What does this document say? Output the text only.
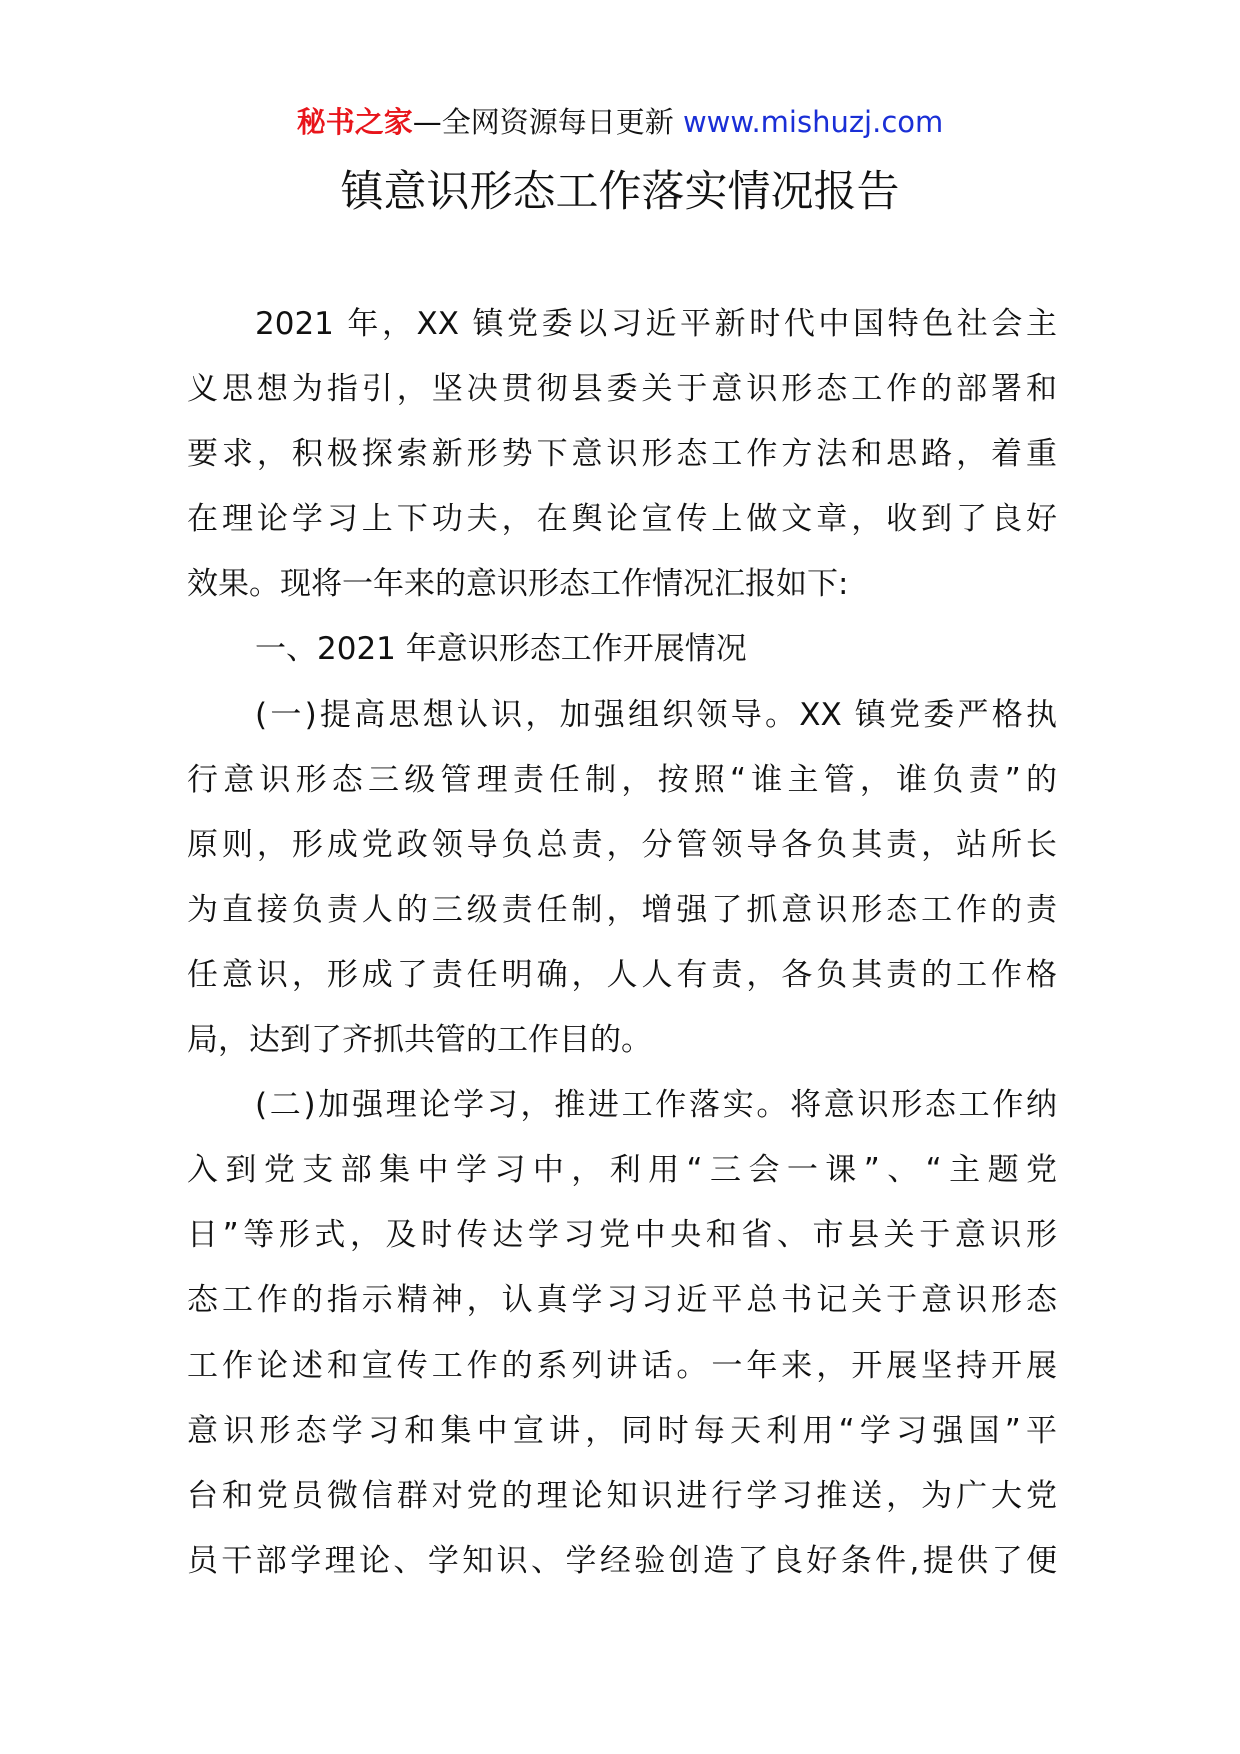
秘书之家—全网资源每日更新 www.mishuzj.com
镇意识形态工作落实情况报告
2021 年，XX 镇党委以习近平新时代中国特色社会主
义思想为指引，坚决贯彻县委关于意识形态工作的部署和
要求，积极探索新形势下意识形态工作方法和思路，着重
在理论学习上下功夫，在舆论宣传上做文章，收到了良好
效果。现将一年来的意识形态工作情况汇报如下:
一、2021 年意识形态工作开展情况
(一)提高思想认识，加强组织领导。XX 镇党委严格执
行意识形态三级管理责任制，按照“谁主管，谁负责”的
原则，形成党政领导负总责，分管领导各负其责，站所长
为直接负责人的三级责任制，增强了抓意识形态工作的责
任意识，形成了责任明确，人人有责，各负其责的工作格
局，达到了齐抓共管的工作目的。
(二)加强理论学习，推进工作落实。将意识形态工作纳
入到党支部集中学习中，利用“三会一课”、“主题党
日”等形式，及时传达学习党中央和省、市县关于意识形
态工作的指示精神，认真学习习近平总书记关于意识形态
工作论述和宣传工作的系列讲话。一年来，开展坚持开展
意识形态学习和集中宣讲，同时每天利用“学习强国”平
台和党员微信群对党的理论知识进行学习推送，为广大党
员干部学理论、学知识、学经验创造了良好条件,提供了便
